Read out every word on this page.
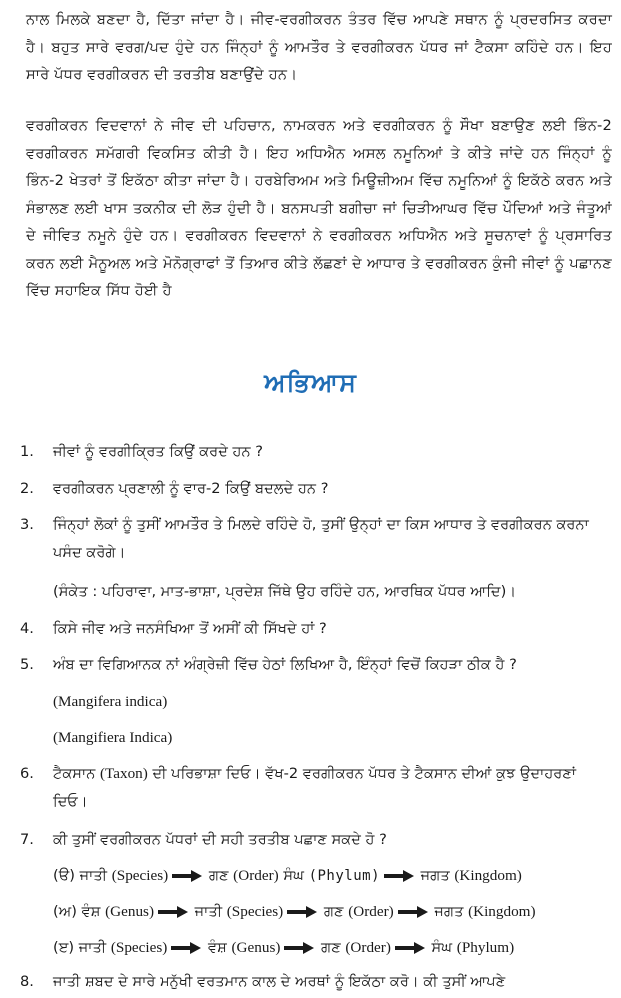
ਨਾਲ ਮਿਲਕੇ ਬਣਦਾ ਹੈ, ਦਿੱਤਾ ਜਾਂਦਾ ਹੈ। ਜੀਵ-ਵਰਗੀਕਰਨ ਤੰਤਰ ਵਿੱਚ ਆਪਣੇ ਸਥਾਨ ਨੂੰ ਪ੍ਰਦਰਸਿਤ ਕਰਦਾ ਹੈ। ਬਹੁਤ ਸਾਰੇ ਵਰਗ/ਪਦ ਹੁੰਦੇ ਹਨ ਜਿੰਨ੍ਹਾਂ ਨੂੰ ਆਮਤੌਰ ਤੇ ਵਰਗੀਕਰਨ ਪੱਧਰ ਜਾਂ ਟੈਕਸਾ ਕਹਿੰਦੇ ਹਨ। ਇਹ ਸਾਰੇ ਪੱਧਰ ਵਰਗੀਕਰਨ ਦੀ ਤਰਤੀਬ ਬਣਾਉਂਦੇ ਹਨ।

ਵਰਗੀਕਰਨ ਵਿਦਵਾਨਾਂ ਨੇ ਜੀਵ ਦੀ ਪਹਿਚਾਨ, ਨਾਮਕਰਨ ਅਤੇ ਵਰਗੀਕਰਨ ਨੂੰ ਸੌਖਾ ਬਣਾਉਣ ਲਈ ਭਿੰਨ-2 ਵਰਗੀਕਰਨ ਸਮੱਗਰੀ ਵਿਕਸਿਤ ਕੀਤੀ ਹੈ। ਇਹ ਅਧਿਐਨ ਅਸਲ ਨਮੂਨਿਆਂ ਤੇ ਕੀਤੇ ਜਾਂਦੇ ਹਨ ਜਿੰਨ੍ਹਾਂ ਨੂੰ ਭਿੰਨ-2 ਖੇਤਰਾਂ ਤੋਂ ਇਕੱਠਾ ਕੀਤਾ ਜਾਂਦਾ ਹੈ। ਹਰਬੇਰਿਅਮ ਅਤੇ ਮਿਊਜ਼ੀਅਮ ਵਿੱਚ ਨਮੂਨਿਆਂ ਨੂੰ ਇਕੱਠੇ ਕਰਨ ਅਤੇ ਸੰਭਾਲਣ ਲਈ ਖਾਸ ਤਕਨੀਕ ਦੀ ਲੋੜ ਹੁੰਦੀ ਹੈ। ਬਨਸਪਤੀ ਬਗੀਚਾ ਜਾਂ ਚਿੜੀਆਘਰ ਵਿੱਚ ਪੌਦਿਆਂ ਅਤੇ ਜੰਤੂਆਂ ਦੇ ਜੀਵਿਤ ਨਮੂਨੇ ਹੁੰਦੇ ਹਨ। ਵਰਗੀਕਰਨ ਵਿਦਵਾਨਾਂ ਨੇ ਵਰਗੀਕਰਨ ਅਧਿਐਨ ਅਤੇ ਸੂਚਨਾਵਾਂ ਨੂੰ ਪ੍ਰਸਾਰਿਤ ਕਰਨ ਲਈ ਮੈਨੂਅਲ ਅਤੇ ਮੋਨੋਗ੍ਰਾਫਾਂ ਤੋਂ ਤਿਆਰ ਕੀਤੇ ਲੱਛਣਾਂ ਦੇ ਆਧਾਰ ਤੇ ਵਰਗੀਕਰਨ ਕੁੰਜੀ ਜੀਵਾਂ ਨੂੰ ਪਛਾਨਣ ਵਿੱਚ ਸਹਾਇਕ ਸਿੱਧ ਹੋਈ ਹੈ

ਅਭਿਆਸ
1.	ਜੀਵਾਂ ਨੂੰ ਵਰਗੀਕ੍ਰਿਤ ਕਿਉਂ ਕਰਦੇ ਹਨ ?
2.	ਵਰਗੀਕਰਨ ਪ੍ਰਣਾਲੀ ਨੂੰ ਵਾਰ-2 ਕਿਉਂ ਬਦਲਦੇ ਹਨ ?
3.	ਜਿੰਨ੍ਹਾਂ ਲੋਕਾਂ ਨੂੰ ਤੁਸੀਂ ਆਮਤੌਰ ਤੇ ਮਿਲਦੇ ਰਹਿੰਦੇ ਹੋ, ਤੁਸੀਂ ਉਨ੍ਹਾਂ ਦਾ ਕਿਸ ਆਧਾਰ ਤੇ ਵਰਗੀਕਰਨ ਕਰਨਾ ਪਸੰਦ ਕਰੋਗੇ।
(ਸੰਕੇਤ : ਪਹਿਰਾਵਾ, ਮਾਤ-ਭਾਸ਼ਾ, ਪ੍ਰਦੇਸ਼ ਜਿੱਥੇ ਉਹ ਰਹਿੰਦੇ ਹਨ, ਆਰਥਿਕ ਪੱਧਰ ਆਦਿ)।
4.	ਕਿਸੇ ਜੀਵ ਅਤੇ ਜਨਸੰਖਿਆ ਤੋਂ ਅਸੀਂ ਕੀ ਸਿੱਖਦੇ ਹਾਂ ?
5.	ਅੰਬ ਦਾ ਵਿਗਿਆਨਕ ਨਾਂ ਅੰਗ੍ਰੇਜ਼ੀ ਵਿੱਚ ਹੇਠਾਂ ਲਿਖਿਆ ਹੈ, ਇੰਨ੍ਹਾਂ ਵਿਚੋਂ ਕਿਹੜਾ ਠੀਕ ਹੈ ?
(Mangifera indica)
(Mangifiera Indica)
6.	ਟੈਕਸਾਨ (Taxon) ਦੀ ਪਰਿਭਾਸ਼ਾ ਦਿਓ। ਵੱਖ-2 ਵਰਗੀਕਰਨ ਪੱਧਰ ਤੇ ਟੈਕਸਾਨ ਦੀਆਂ ਕੁਝ ਉਦਾਹਰਣਾਂ ਦਿਓ।
7.	ਕੀ ਤੁਸੀਂ ਵਰਗੀਕਰਨ ਪੱਧਰਾਂ ਦੀ ਸਹੀ ਤਰਤੀਬ ਪਛਾਣ ਸਕਦੇ ਹੋ ?
(ੳ) ਜਾਤੀ (Species)	ਗਣ (Order) ਸੰਘ (Phylum)	ਜਗਤ (Kingdom)
(ਅ) ਵੰਸ਼ (Genus)	ਜਾਤੀ (Species)	ਗਣ (Order)	ਜਗਤ (Kingdom)
(ੲ) ਜਾਤੀ (Species)	ਵੰਸ਼ (Genus)	ਗਣ (Order)	ਸੰਘ (Phylum)
8.	ਜਾਤੀ ਸ਼ਬਦ ਦੇ ਸਾਰੇ ਮਨੁੱਖੀ ਵਰਤਮਾਨ ਕਾਲ ਦੇ ਅਰਥਾਂ ਨੂੰ ਇਕੱਠਾ ਕਰੋ। ਕੀ ਤੁਸੀਂ ਆਪਣੇ
